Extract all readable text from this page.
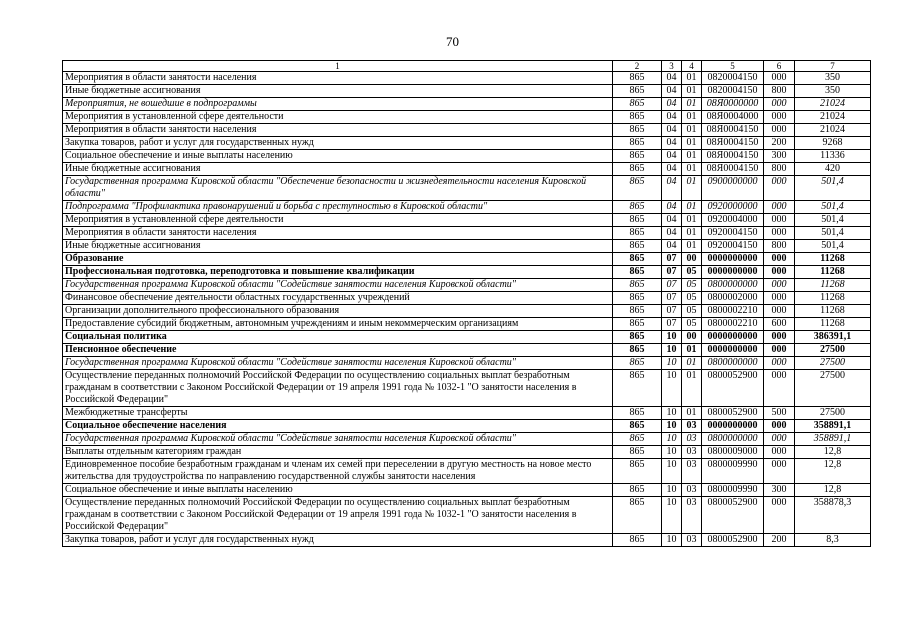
70
1	2	3	4	5	6	7
Мероприятия в области занятости населения	865	04	01	0820004150	000	350
Иные бюджетные ассигнования	865	04	01	0820004150	800	350
Мероприятия, не вошедшие в подпрограммы	865	04	01	08Я0000000	000	21024
Мероприятия в установленной сфере деятельности	865	04	01	08Я0004000	000	21024
Мероприятия в области занятости населения	865	04	01	08Я0004150	000	21024
Закупка товаров, работ и услуг для государственных нужд	865	04	01	08Я0004150	200	9268
Социальное обеспечение и иные выплаты населению	865	04	01	08Я0004150	300	11336
Иные бюджетные ассигнования	865	04	01	08Я0004150	800	420
Государственная программа Кировской области "Обеспечение безопасности и жизнедеятельности населения Кировской области"	865	04	01	0900000000	000	501,4
Подпрограмма "Профилактика правонарушений и борьба с преступностью в Кировской области"	865	04	01	0920000000	000	501,4
Мероприятия в установленной сфере деятельности	865	04	01	0920004000	000	501,4
Мероприятия в области занятости населения	865	04	01	0920004150	000	501,4
Иные бюджетные ассигнования	865	04	01	0920004150	800	501,4
Образование	865	07	00	0000000000	000	11268
Профессиональная подготовка, переподготовка и повышение квалификации	865	07	05	0000000000	000	11268
Государственная программа Кировской области "Содействие занятости населения Кировской области"	865	07	05	0800000000	000	11268
Финансовое обеспечение деятельности областных государственных учреждений	865	07	05	0800002000	000	11268
Организации дополнительного профессионального образования	865	07	05	0800002210	000	11268
Предоставление субсидий бюджетным, автономным учреждениям и иным некоммерческим организациям	865	07	05	0800002210	600	11268
Социальная политика	865	10	00	0000000000	000	386391,1
Пенсионное обеспечение	865	10	01	0000000000	000	27500
Государственная программа Кировской области "Содействие занятости населения Кировской области"	865	10	01	0800000000	000	27500
Осуществление переданных полномочий Российской Федерации по осуществлению социальных выплат безработным гражданам в соответствии с Законом Российской Федерации от 19 апреля 1991 года № 1032-1 "О занятости населения в Российской Федерации"	865	10	01	0800052900	000	27500
Межбюджетные трансферты	865	10	01	0800052900	500	27500
Социальное обеспечение населения	865	10	03	0000000000	000	358891,1
Государственная программа Кировской области "Содействие занятости населения Кировской области"	865	10	03	0800000000	000	358891,1
Выплаты отдельным категориям граждан	865	10	03	0800009000	000	12,8
Единовременное пособие безработным гражданам и членам их семей при переселении в другую местность на новое место жительства для трудоустройства по направлению государственной службы занятости населения	865	10	03	0800009990	000	12,8
Социальное обеспечение и иные выплаты населению	865	10	03	0800009990	300	12,8
Осуществление переданных полномочий Российской Федерации по осуществлению социальных выплат безработным гражданам в соответствии с Законом Российской Федерации от 19 апреля 1991 года № 1032-1 "О занятости населения в Российской Федерации"	865	10	03	0800052900	000	358878,3
Закупка товаров, работ и услуг для государственных нужд	865	10	03	0800052900	200	8,3
